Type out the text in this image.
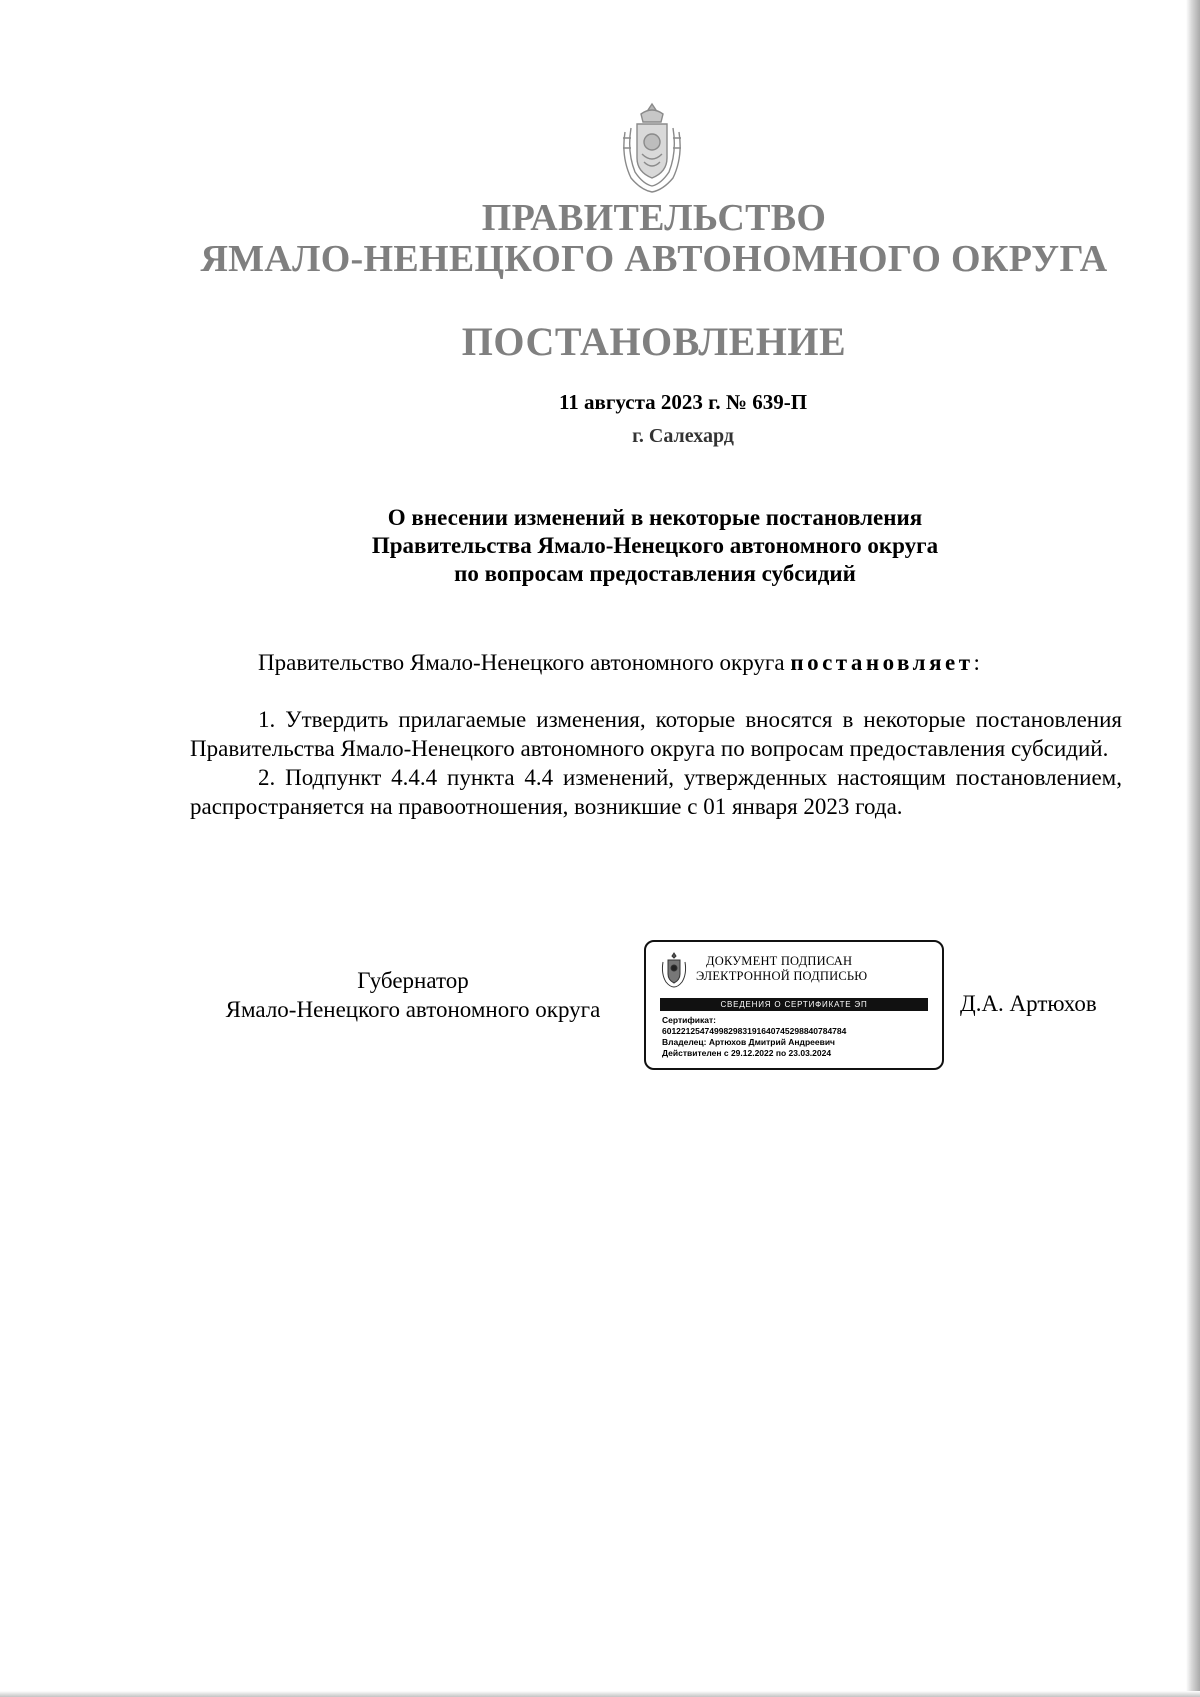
ПРАВИТЕЛЬСТВО
ЯМАЛО-НЕНЕЦКОГО АВТОНОМНОГО ОКРУГА
ПОСТАНОВЛЕНИЕ
11 августа 2023 г. № 639-П
г. Салехард
О внесении изменений в некоторые постановления
Правительства Ямало-Ненецкого автономного округа
по вопросам предоставления субсидий
Правительство Ямало-Ненецкого автономного округа постановляет:

1. Утвердить прилагаемые изменения, которые вносятся в некоторые постановления Правительства Ямало-Ненецкого автономного округа по вопросам предоставления субсидий.

2. Подпункт 4.4.4 пункта 4.4 изменений, утвержденных настоящим постановлением, распространяется на правоотношения, возникшие с 01 января 2023 года.

Губернатор
Ямало-Ненецкого автономного округа
ДОКУМЕНТ ПОДПИСАН
ЭЛЕКТРОННОЙ ПОДПИСЬЮ
СВЕДЕНИЯ О СЕРТИФИКАТЕ ЭП
Сертификат:
601221254749982983191640745298840784784
Владелец: Артюхов Дмитрий Андреевич
Действителен с 29.12.2022 по 23.03.2024
Д.А. Артюхов
